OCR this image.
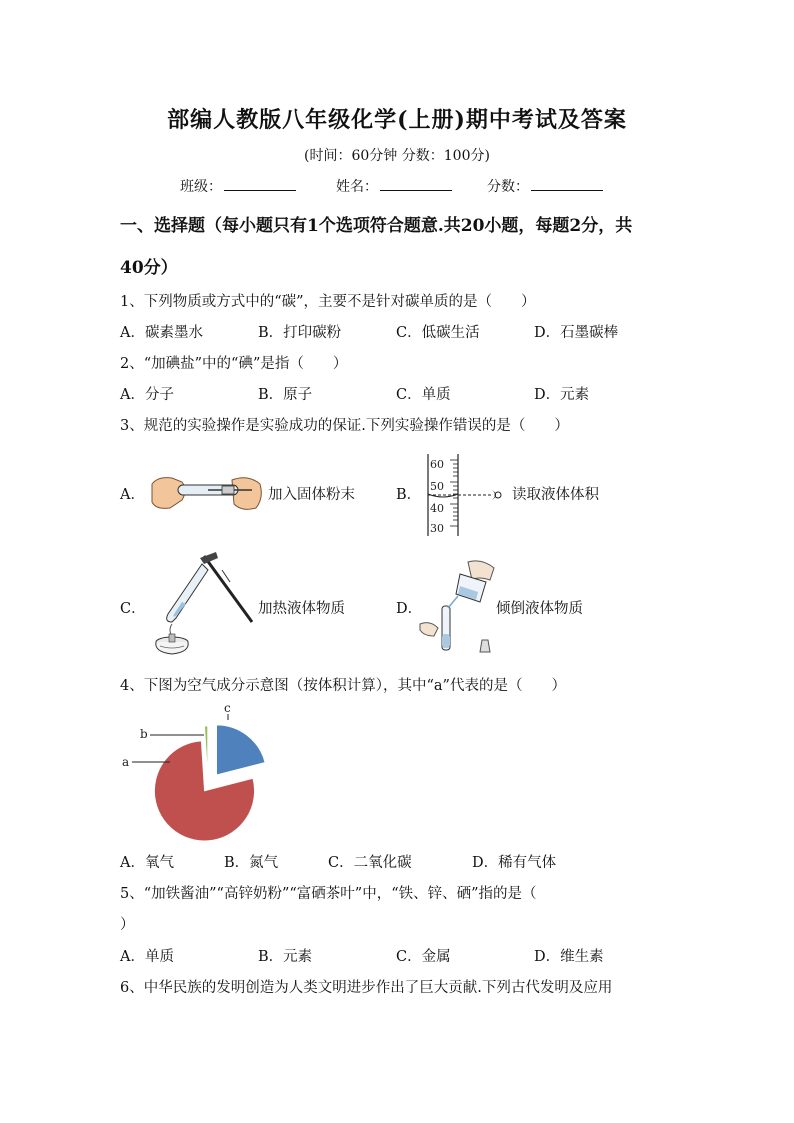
部编人教版八年级化学(上册)期中考试及答案
(时间：60分钟 分数：100分)
班级：	姓名：	分数：
一、选择题（每小题只有1个选项符合题意.共20小题，每题2分，共
40分）
1、下列物质或方式中的“碳”，主要不是针对碳单质的是（　　）
A．碳素墨水	B．打印碳粉	C．低碳生活	D．石墨碳棒
2、“加碘盐”中的“碘”是指（　　）
A．分子	B．原子	C．单质	D．元素
3、规范的实验操作是实验成功的保证.下列实验操作错误的是（　　）
A．	加入固体粉末	B．
60
50
40
30
读取液体体积
C．	加热液体物质	D．	倾倒液体物质
4、下图为空气成分示意图（按体积计算），其中“a”代表的是（　　）
a
b
c
A．氧气	B．氮气	C．二氧化碳	D．稀有气体
5、“加铁酱油”“高锌奶粉”“富硒茶叶”中，“铁、锌、硒”指的是（
）
A．单质	B．元素	C．金属	D．维生素
6、中华民族的发明创造为人类文明进步作出了巨大贡献.下列古代发明及应用
